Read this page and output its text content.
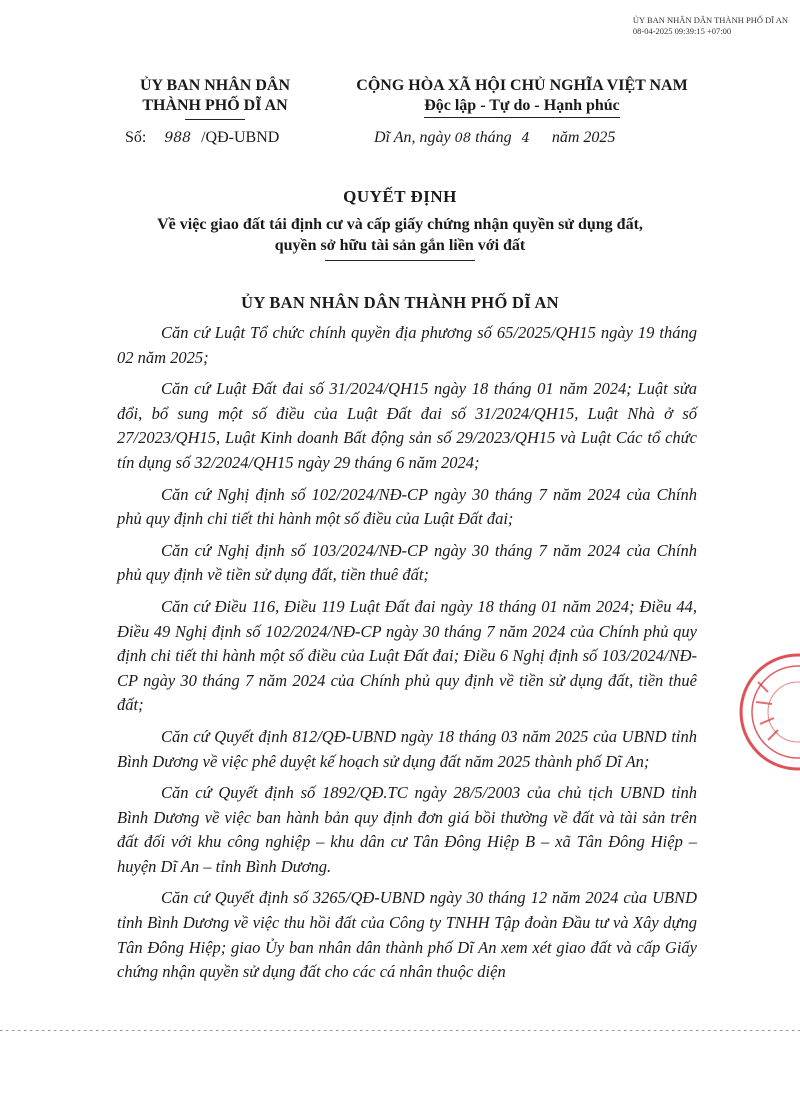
ỦY BAN NHÂN DÂN THÀNH PHỐ DĨ AN
08-04-2025 09:39:15 +07:00
ỦY BAN NHÂN DÂN
THÀNH PHỐ DĨ AN
CỘNG HÒA XÃ HỘI CHỦ NGHĨA VIỆT NAM
Độc lập - Tự do - Hạnh phúc
Số: 988 /QĐ-UBND	Dĩ An, ngày 08 tháng 4 năm 2025
QUYẾT ĐỊNH
Về việc giao đất tái định cư và cấp giấy chứng nhận quyền sử dụng đất,
quyền sở hữu tài sản gắn liền với đất
ỦY BAN NHÂN DÂN THÀNH PHỐ DĨ AN

Căn cứ Luật Tổ chức chính quyền địa phương số 65/2025/QH15 ngày 19 tháng 02 năm 2025;

Căn cứ Luật Đất đai số 31/2024/QH15 ngày 18 tháng 01 năm 2024; Luật sửa đổi, bổ sung một số điều của Luật Đất đai số 31/2024/QH15, Luật Nhà ở số 27/2023/QH15, Luật Kinh doanh Bất động sản số 29/2023/QH15 và Luật Các tổ chức tín dụng số 32/2024/QH15 ngày 29 tháng 6 năm 2024;

Căn cứ Nghị định số 102/2024/NĐ-CP ngày 30 tháng 7 năm 2024 của Chính phủ quy định chi tiết thi hành một số điều của Luật Đất đai;

Căn cứ Nghị định số 103/2024/NĐ-CP ngày 30 tháng 7 năm 2024 của Chính phủ quy định về tiền sử dụng đất, tiền thuê đất;

Căn cứ Điều 116, Điều 119 Luật Đất đai ngày 18 tháng 01 năm 2024; Điều 44, Điều 49 Nghị định số 102/2024/NĐ-CP ngày 30 tháng 7 năm 2024 của Chính phủ quy định chi tiết thi hành một số điều của Luật Đất đai; Điều 6 Nghị định số 103/2024/NĐ-CP ngày 30 tháng 7 năm 2024 của Chính phủ quy định về tiền sử dụng đất, tiền thuê đất;

Căn cứ Quyết định 812/QĐ-UBND ngày 18 tháng 03 năm 2025 của UBND tỉnh Bình Dương về việc phê duyệt kế hoạch sử dụng đất năm 2025 thành phố Dĩ An;

Căn cứ Quyết định số 1892/QĐ.TC ngày 28/5/2003 của chủ tịch UBND tỉnh Bình Dương về việc ban hành bản quy định đơn giá bồi thường về đất và tài sản trên đất đối với khu công nghiệp – khu dân cư Tân Đông Hiệp B – xã Tân Đông Hiệp – huyện Dĩ An – tỉnh Bình Dương.

Căn cứ Quyết định số 3265/QĐ-UBND ngày 30 tháng 12 năm 2024 của UBND tỉnh Bình Dương về việc thu hồi đất của Công ty TNHH Tập đoàn Đầu tư và Xây dựng Tân Đông Hiệp; giao Ủy ban nhân dân thành phố Dĩ An xem xét giao đất và cấp Giấy chứng nhận quyền sử dụng đất cho các cá nhân thuộc diện
